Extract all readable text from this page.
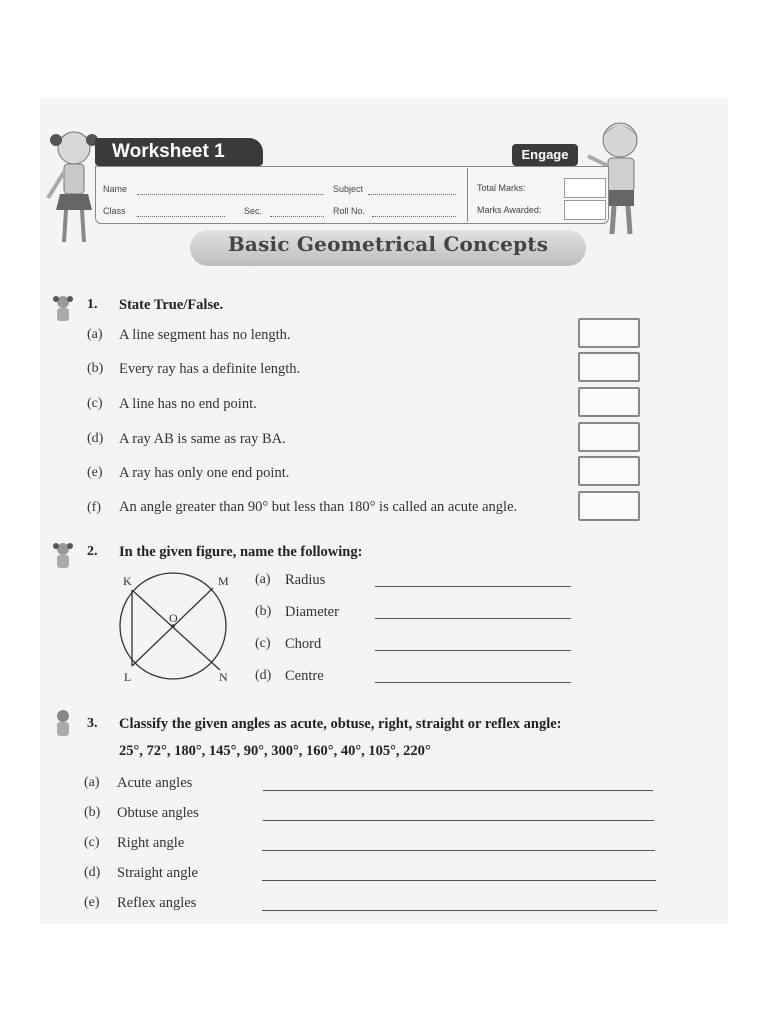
Worksheet 1	Engage
Name	Subject
Class	Sec.	Roll No.
Total Marks:
Marks Awarded:
Basic Geometrical Concepts
1. State True/False.
(a) A line segment has no length.
(b) Every ray has a definite length.
(c) A line has no end point.
(d) A ray AB is same as ray BA.
(e) A ray has only one end point.
(f) An angle greater than 90° but less than 180° is called an acute angle.
2. In the given figure, name the following:
K	M
O
L	N
(a) Radius
(b) Diameter
(c) Chord
(d) Centre
3. Classify the given angles as acute, obtuse, right, straight or reflex angle:
25°, 72°, 180°, 145°, 90°, 300°, 160°, 40°, 105°, 220°
(a) Acute angles
(b) Obtuse angles
(c) Right angle
(d) Straight angle
(e) Reflex angles
